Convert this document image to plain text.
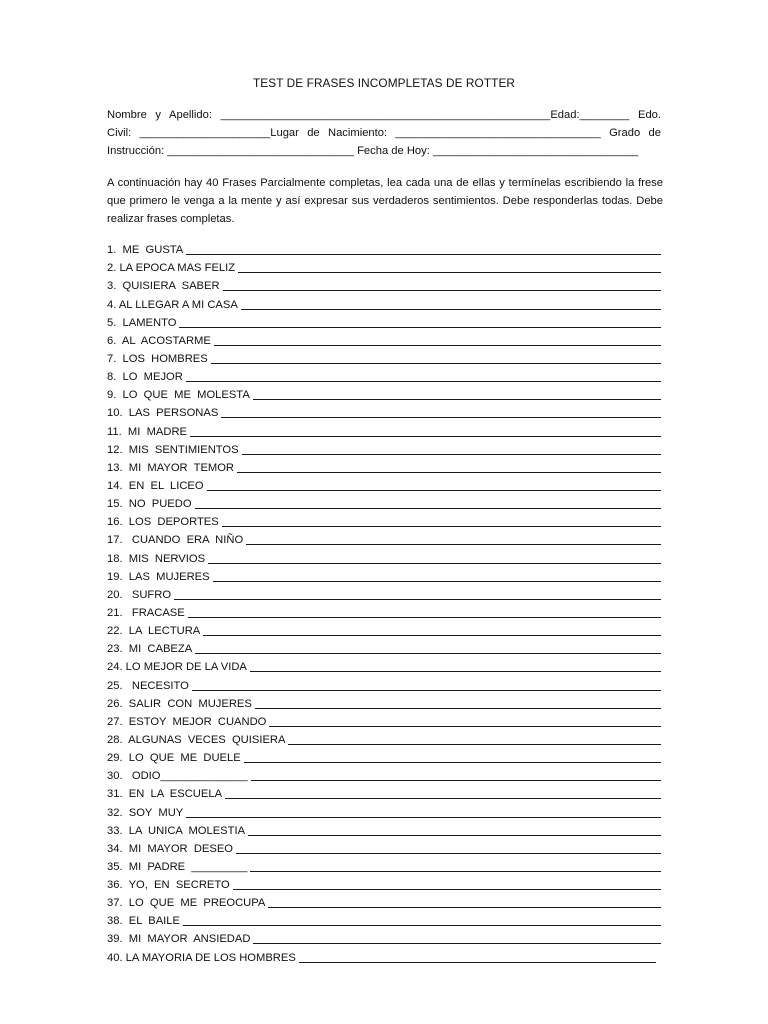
TEST DE FRASES INCOMPLETAS DE ROTTER
Nombre y Apellido: _____________________________________________________Edad:________ Edo.
Civil: _____________________Lugar de Nacimiento: _________________________________ Grado de
Instrucción: ______________________________ Fecha de Hoy: _________________________________
A continuación hay 40 Frases Parcialmente completas, lea cada una de ellas y termínelas escribiendo la frese
que primero le venga a la mente y así expresar sus verdaderos sentimientos. Debe responderlas todas. Debe
realizar frases completas.
1.  ME  GUSTA
2. LA EPOCA MAS FELIZ
3.  QUISIERA  SABER
4. AL LLEGAR A MI CASA
5.  LAMENTO
6.  AL  ACOSTARME
7.  LOS  HOMBRES
8.  LO  MEJOR
9.  LO  QUE  ME  MOLESTA
10.  LAS  PERSONAS
11.  MI  MADRE
12.  MIS  SENTIMIENTOS
13.  MI  MAYOR  TEMOR
14.  EN  EL  LICEO
15.  NO  PUEDO
16.  LOS  DEPORTES
17.   CUANDO  ERA  NIÑO
18.  MIS  NERVIOS
19.  LAS  MUJERES
20.   SUFRO
21.   FRACASE
22.  LA  LECTURA
23.  MI  CABEZA
24. LO MEJOR DE LA VIDA
25.   NECESITO
26.  SALIR  CON  MUJERES
27.  ESTOY  MEJOR  CUANDO
28.  ALGUNAS  VECES  QUISIERA
29.  LO  QUE  ME  DUELE
30.   ODIO______________
31.  EN  LA  ESCUELA
32.  SOY  MUY
33.  LA  UNICA  MOLESTIA
34.  MI  MAYOR  DESEO
35.  MI  PADRE  _________
36.  YO,  EN  SECRETO
37.  LO  QUE  ME  PREOCUPA
38.  EL  BAILE
39.  MI  MAYOR  ANSIEDAD
40. LA MAYORIA DE LOS HOMBRES
